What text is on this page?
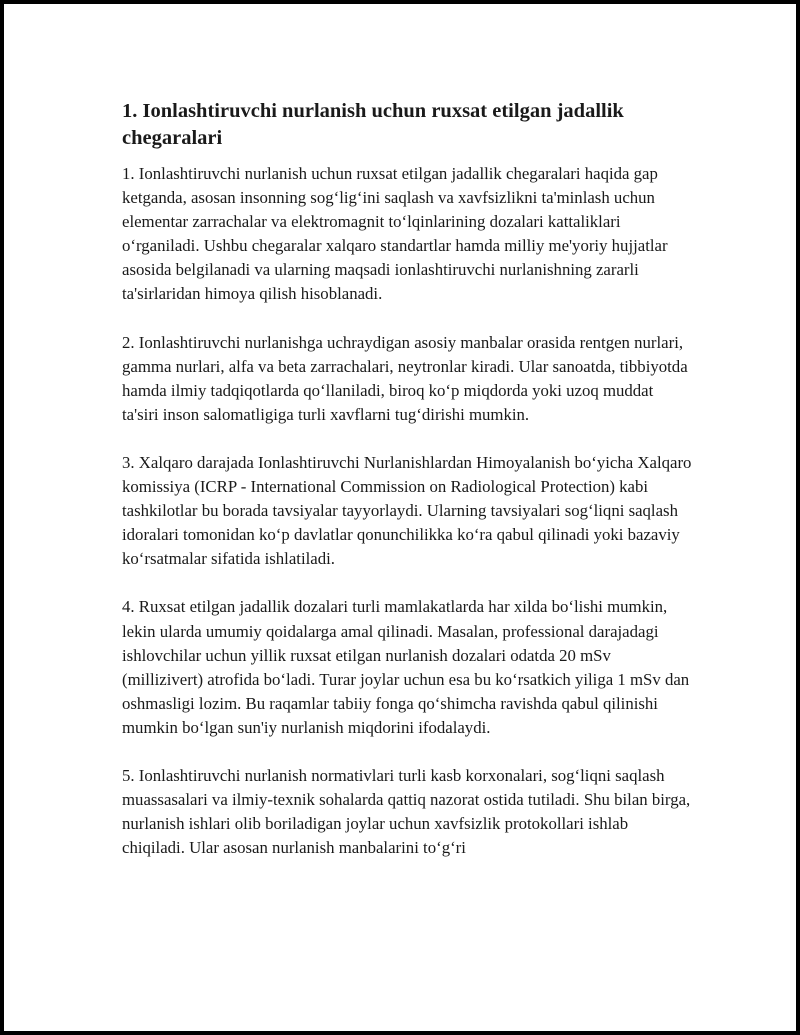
1. Ionlashtiruvchi nurlanish uchun ruxsat etilgan jadallik chegaralari

1. Ionlashtiruvchi nurlanish uchun ruxsat etilgan jadallik chegaralari haqida gap ketganda, asosan insonning sog‘lig‘ini saqlash va xavfsizlikni ta'minlash uchun elementar zarrachalar va elektromagnit to‘lqinlarining dozalari kattaliklari o‘rganiladi. Ushbu chegaralar xalqaro standartlar hamda milliy me'yoriy hujjatlar asosida belgilanadi va ularning maqsadi ionlashtiruvchi nurlanishning zararli ta'sirlaridan himoya qilish hisoblanadi.

2. Ionlashtiruvchi nurlanishga uchraydigan asosiy manbalar orasida rentgen nurlari, gamma nurlari, alfa va beta zarrachalari, neytronlar kiradi. Ular sanoatda, tibbiyotda hamda ilmiy tadqiqotlarda qo‘llaniladi, biroq ko‘p miqdorda yoki uzoq muddat ta'siri inson salomatligiga turli xavflarni tug‘dirishi mumkin.

3. Xalqaro darajada Ionlashtiruvchi Nurlanishlardan Himoyalanish bo‘yicha Xalqaro komissiya (ICRP - International Commission on Radiological Protection) kabi tashkilotlar bu borada tavsiyalar tayyorlaydi. Ularning tavsiyalari sog‘liqni saqlash idoralari tomonidan ko‘p davlatlar qonunchilikka ko‘ra qabul qilinadi yoki bazaviy ko‘rsatmalar sifatida ishlatiladi.

4. Ruxsat etilgan jadallik dozalari turli mamlakatlarda har xilda bo‘lishi mumkin, lekin ularda umumiy qoidalarga amal qilinadi. Masalan, professional darajadagi ishlovchilar uchun yillik ruxsat etilgan nurlanish dozalari odatda 20 mSv (millizivert) atrofida bo‘ladi. Turar joylar uchun esa bu ko‘rsatkich yiliga 1 mSv dan oshmasligi lozim. Bu raqamlar tabiiy fonga qo‘shimcha ravishda qabul qilinishi mumkin bo‘lgan sun'iy nurlanish miqdorini ifodalaydi.

5. Ionlashtiruvchi nurlanish normativlari turli kasb korxonalari, sog‘liqni saqlash muassasalari va ilmiy-texnik sohalarda qattiq nazorat ostida tutiladi. Shu bilan birga, nurlanish ishlari olib boriladigan joylar uchun xavfsizlik protokollari ishlab chiqiladi. Ular asosan nurlanish manbalarini to‘g‘ri
